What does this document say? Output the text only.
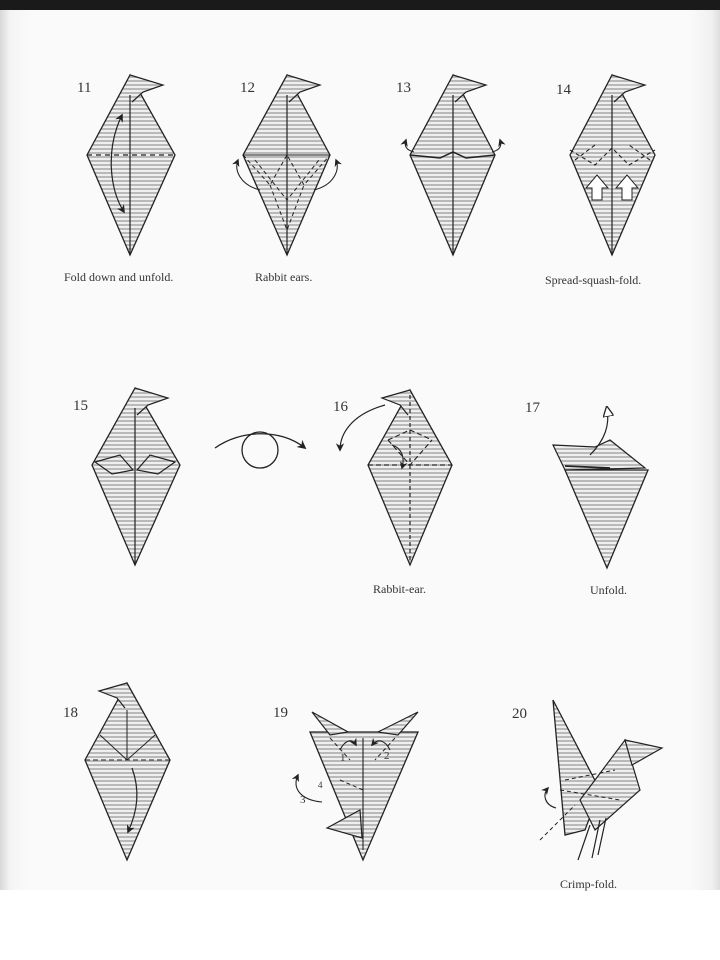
11	12	13	14
15	16	17
18	19	20
Fold down and unfold.	Rabbit ears.	Spread-squash-fold.
Rabbit-ear.	Unfold.
Crimp-fold.
1	2
3
4
